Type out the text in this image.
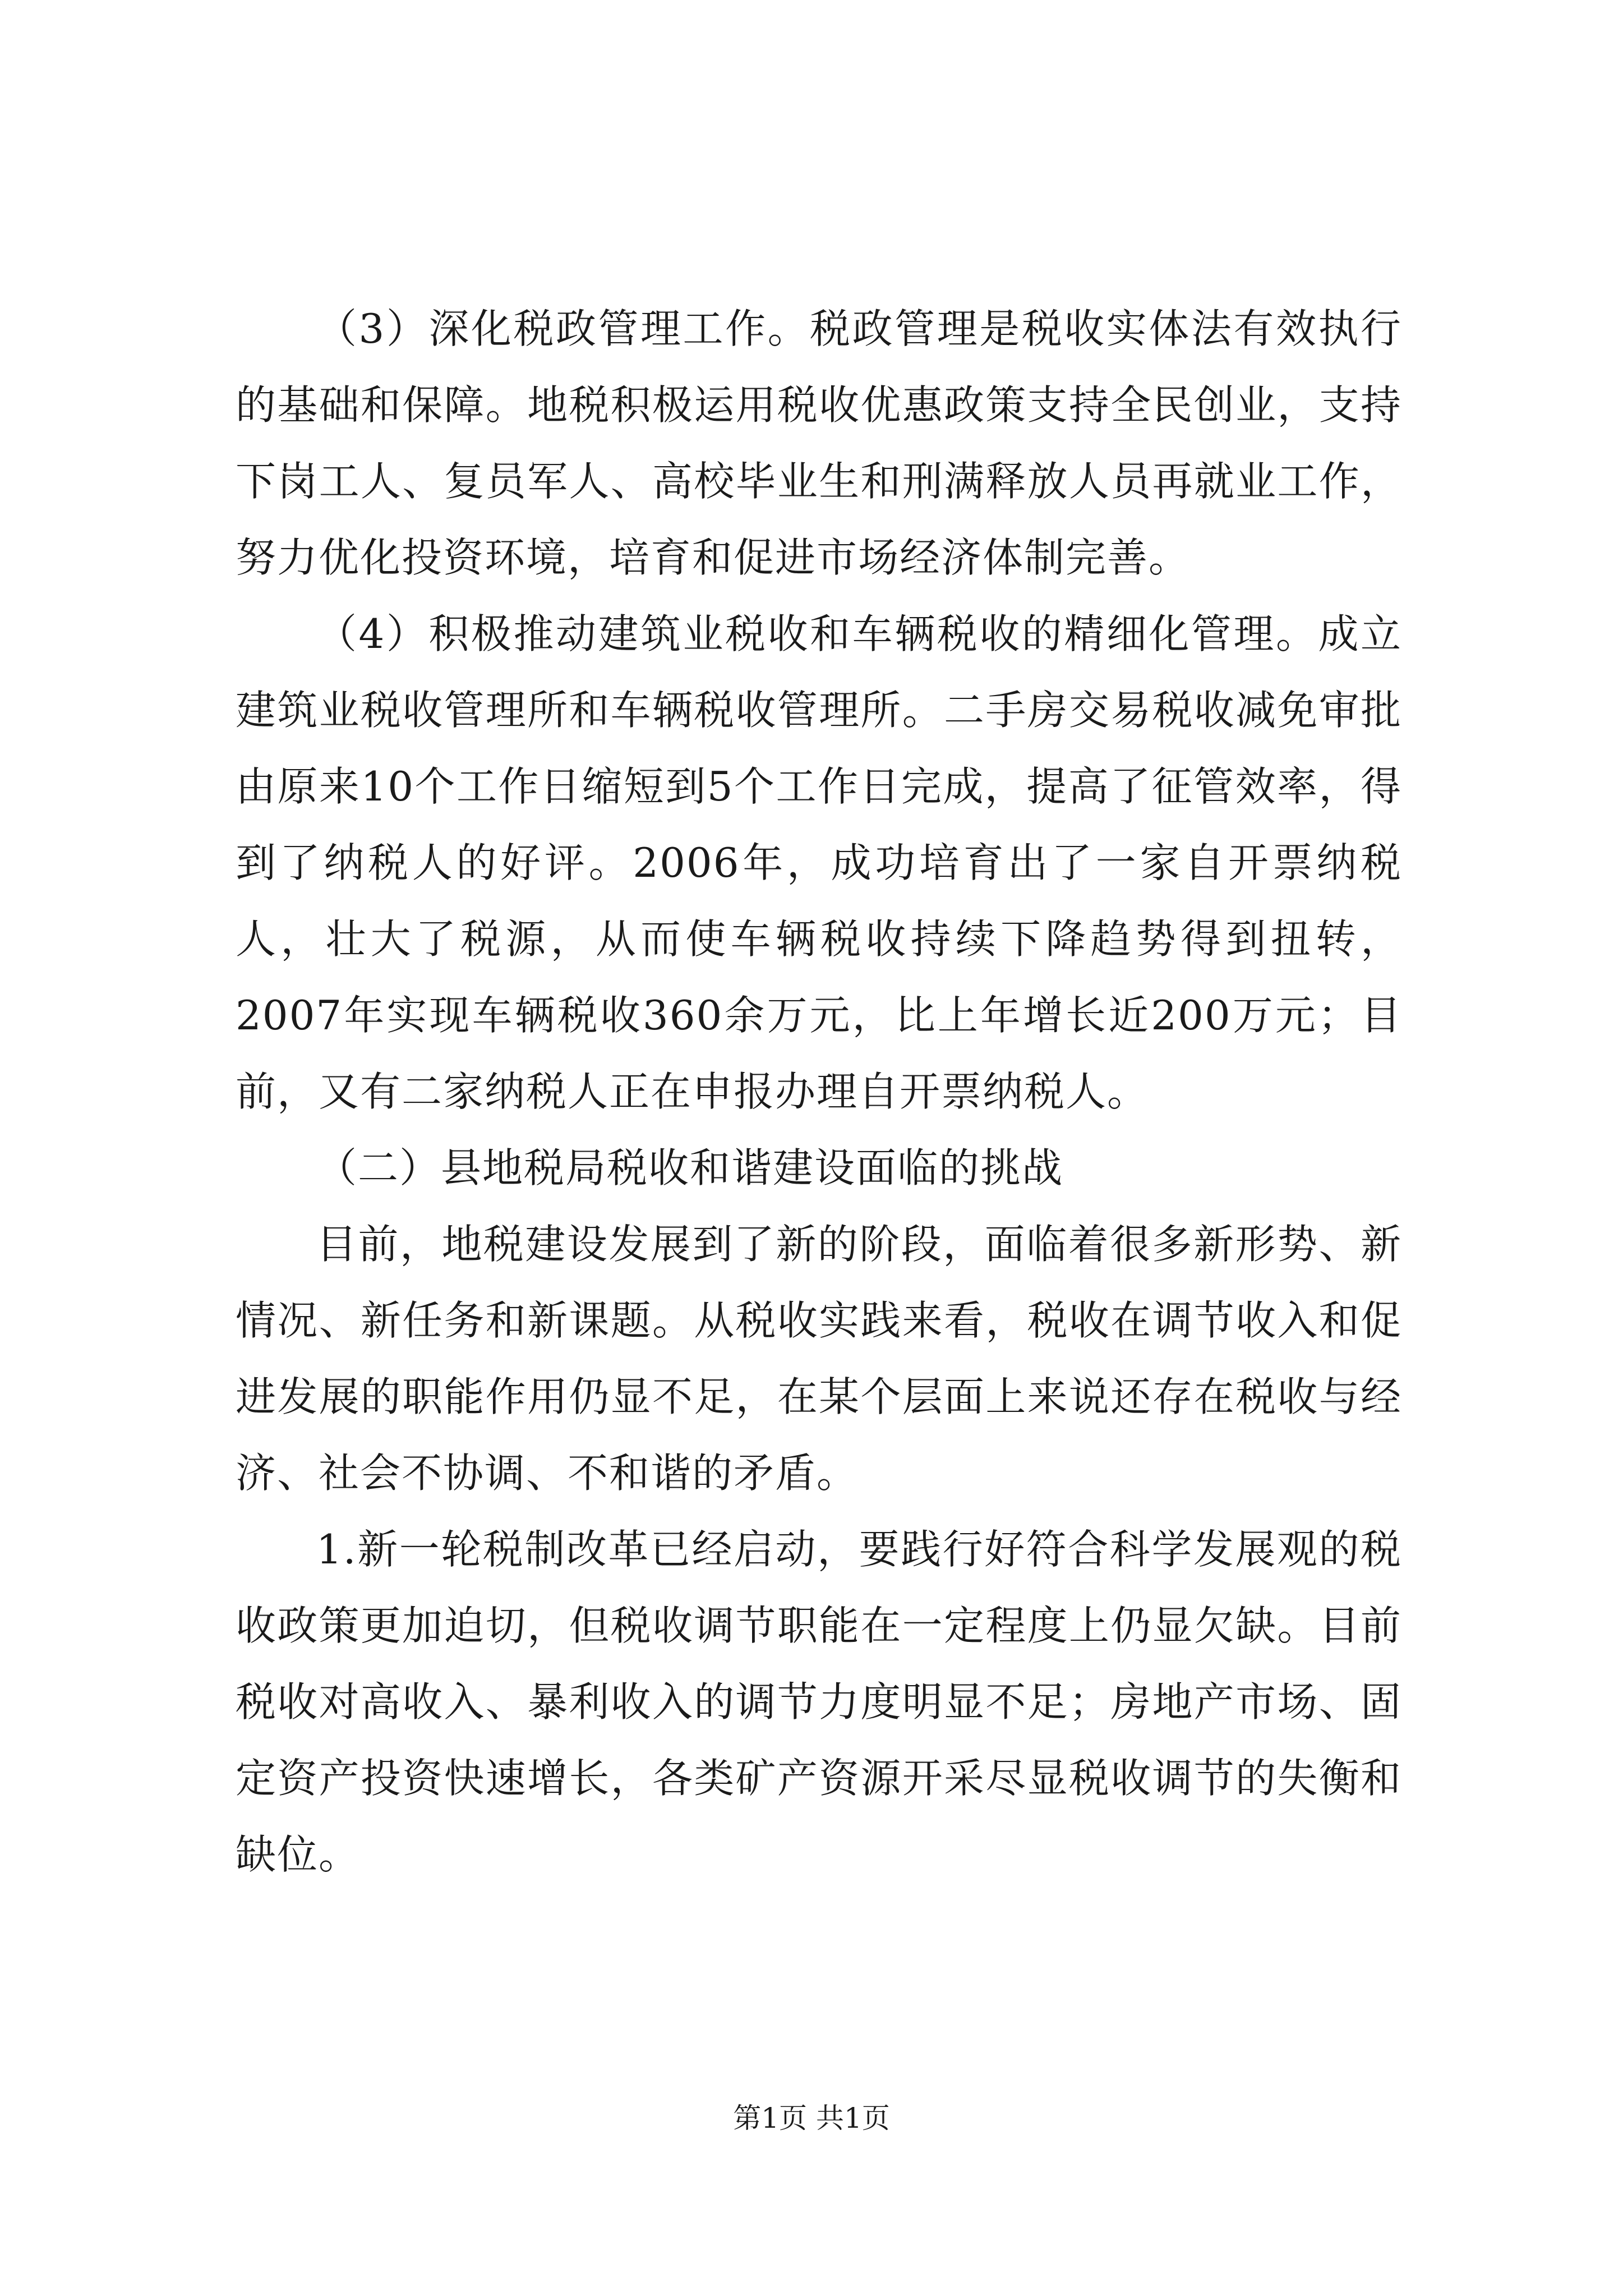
（3）深化税政管理工作。税政管理是税收实体法有效执行的基础和保障。地税积极运用税收优惠政策支持全民创业，支持下岗工人、复员军人、高校毕业生和刑满释放人员再就业工作，努力优化投资环境，培育和促进市场经济体制完善。

（4）积极推动建筑业税收和车辆税收的精细化管理。成立建筑业税收管理所和车辆税收管理所。二手房交易税收减免审批由原来10个工作日缩短到5个工作日完成，提高了征管效率，得到了纳税人的好评。2006年，成功培育出了一家自开票纳税人，壮大了税源，从而使车辆税收持续下降趋势得到扭转，2007年实现车辆税收360余万元，比上年增长近200万元；目前，又有二家纳税人正在申报办理自开票纳税人。

（二）县地税局税收和谐建设面临的挑战

目前，地税建设发展到了新的阶段，面临着很多新形势、新情况、新任务和新课题。从税收实践来看，税收在调节收入和促进发展的职能作用仍显不足，在某个层面上来说还存在税收与经济、社会不协调、不和谐的矛盾。

1.新一轮税制改革已经启动，要践行好符合科学发展观的税收政策更加迫切，但税收调节职能在一定程度上仍显欠缺。目前税收对高收入、暴利收入的调节力度明显不足；房地产市场、固定资产投资快速增长，各类矿产资源开采尽显税收调节的失衡和缺位。

第1页 共1页
